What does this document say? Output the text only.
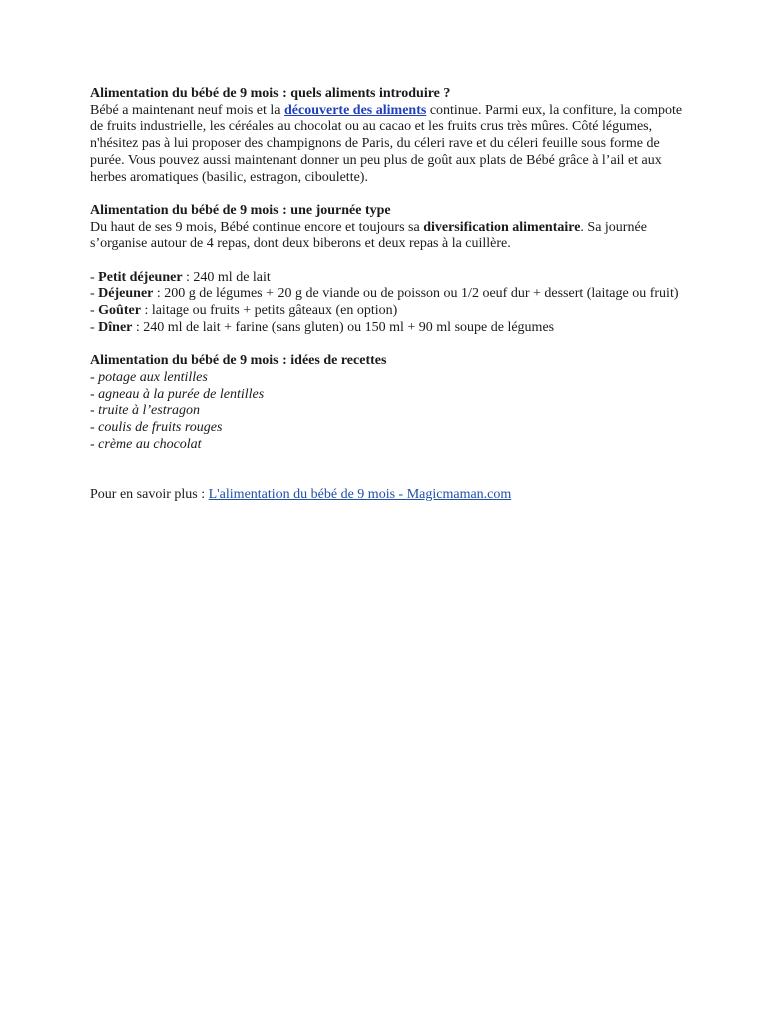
Alimentation du bébé de 9 mois : quels aliments introduire ?

Bébé a maintenant neuf mois et la découverte des aliments continue. Parmi eux, la confiture, la compote de fruits industrielle, les céréales au chocolat ou au cacao et les fruits crus très mûres. Côté légumes, n'hésitez pas à lui proposer des champignons de Paris, du céleri rave et du céleri feuille sous forme de purée. Vous pouvez aussi maintenant donner un peu plus de goût aux plats de Bébé grâce à l’ail et aux herbes aromatiques (basilic, estragon, ciboulette).

Alimentation du bébé de 9 mois : une journée type

Du haut de ses 9 mois, Bébé continue encore et toujours sa diversification alimentaire. Sa journée s’organise autour de 4 repas, dont deux biberons et deux repas à la cuillère.

- Petit déjeuner : 240 ml de lait

- Déjeuner : 200 g de légumes + 20 g de viande ou de poisson ou 1/2 oeuf dur + dessert (laitage ou fruit)

- Goûter : laitage ou fruits + petits gâteaux (en option)

- Dîner : 240 ml de lait + farine (sans gluten) ou 150 ml + 90 ml soupe de légumes

Alimentation du bébé de 9 mois : idées de recettes

- potage aux lentilles
- agneau à la purée de lentilles
- truite à l’estragon
- coulis de fruits rouges
- crème au chocolat

Pour en savoir plus : L'alimentation du bébé de 9 mois - Magicmaman.com
